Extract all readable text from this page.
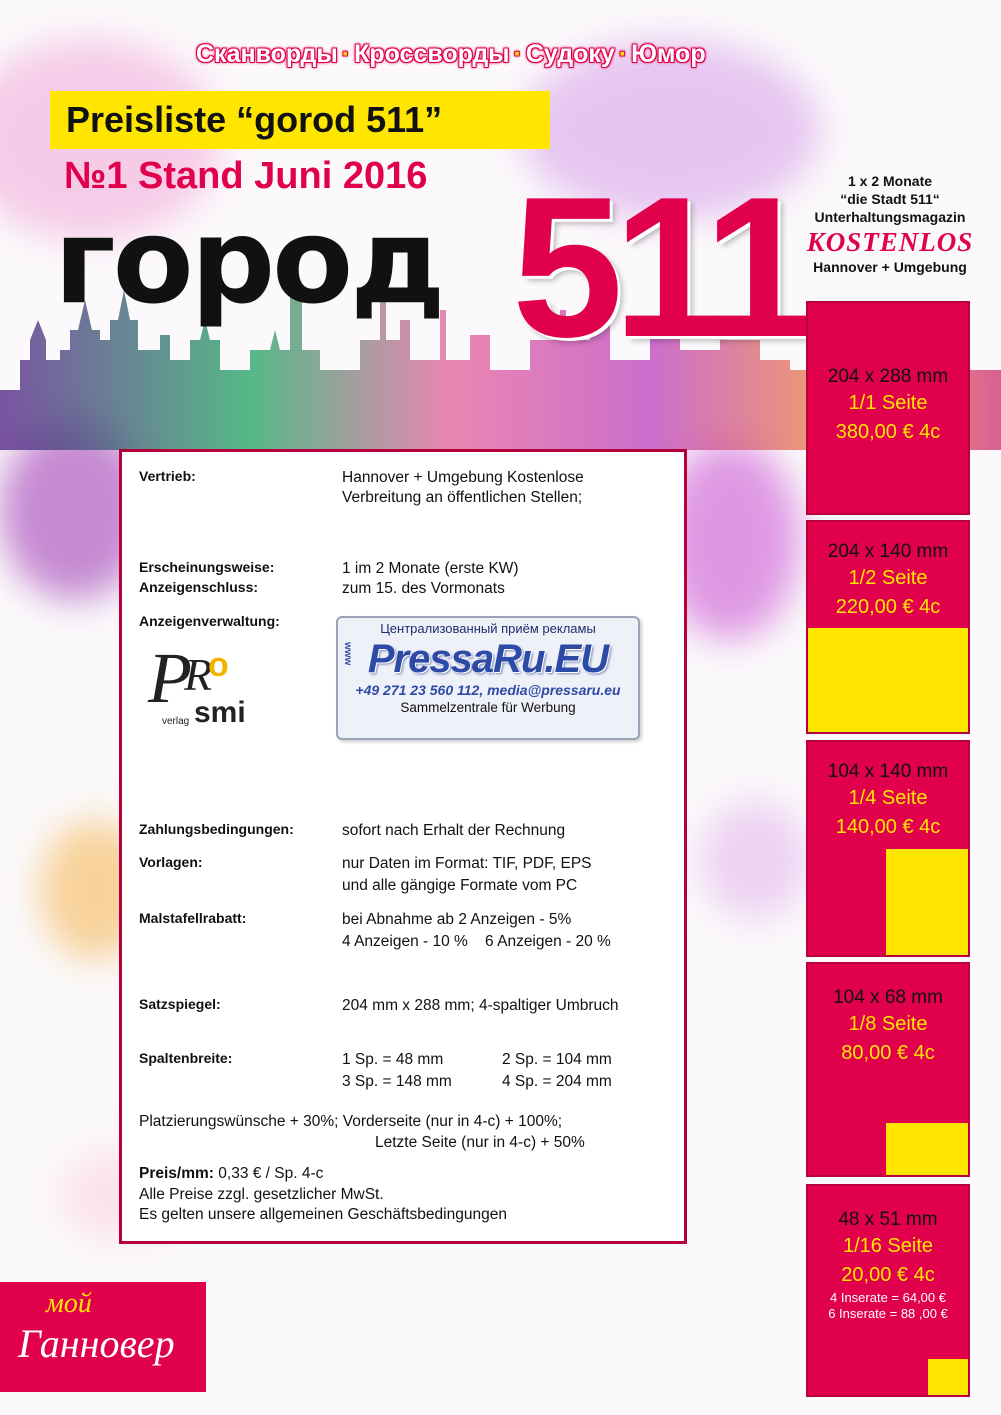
Сканворды · Кроссворды · Судоку · Юмор
Preisliste “gorod 511”
№1 Stand Juni 2016
город 511	1 x 2 Monate
“die Stadt 511“
Unterhaltungsmagazin
KOSTENLOS
Hannover + Umgebung
Vertrieb:	Hannover + Umgebung Kostenlose
Verbreitung an öffentlichen Stellen;
Erscheinungsweise:	1 im 2 Monate (erste KW)
Anzeigenschluss:	zum 15. des Vormonats
Anzeigenverwaltung:
P
R
o
smi
verlag
www
Централизованный приём рекламы
PressaRu.EU
+49 271 23 560 112, media@pressaru.eu
Sammelzentrale für Werbung
Zahlungsbedingungen:	sofort nach Erhalt der Rechnung
Vorlagen:	nur Daten im Format: TIF, PDF, EPS
und alle gängige Formate vom PC
Malstafellrabatt:	bei Abnahme ab 2 Anzeigen - 5%
4 Anzeigen - 10 %    6 Anzeigen - 20 %
Satzspiegel:	204 mm x 288 mm; 4-spaltiger Umbruch
Spaltenbreite:	1 Sp. = 48 mm	2 Sp. = 104 mm
3 Sp. = 148 mm	4 Sp. = 204 mm
Platzierungswünsche + 30%; Vorderseite (nur in 4-c) + 100%;
Letzte Seite (nur in 4-c) + 50%
Preis/mm: 0,33 € / Sp. 4-c
Alle Preise zzgl. gesetzlicher MwSt.
Es gelten unsere allgemeinen Geschäftsbedingungen
204 x 288 mm
1/1 Seite
380,00 € 4c
204 x 140 mm
1/2 Seite
220,00 € 4c
104 x 140 mm
1/4 Seite
140,00 € 4c
104 x 68 mm
1/8 Seite
80,00 € 4c
48 x 51 mm
1/16 Seite
20,00 € 4c
4 Inserate = 64,00 €
6 Inserate = 88 ,00 €
мой
Ганновер
